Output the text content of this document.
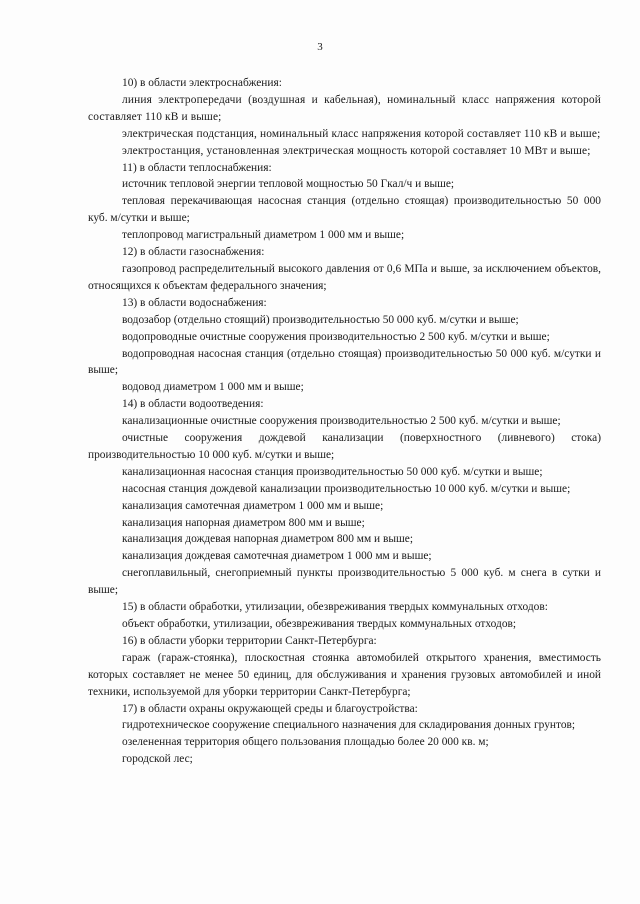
3

10) в области электроснабжения:

линия электропередачи (воздушная и кабельная), номинальный класс напряжения которой составляет 110 кВ и выше;

электрическая подстанция, номинальный класс напряжения которой составляет 110 кВ и выше;

электростанция, установленная электрическая мощность которой составляет 10 МВт и выше;

11) в области теплоснабжения:

источник тепловой энергии тепловой мощностью 50 Гкал/ч и выше;

тепловая перекачивающая насосная станция (отдельно стоящая) производительностью 50 000 куб. м/сутки и выше;

теплопровод магистральный диаметром 1 000 мм и выше;

12) в области газоснабжения:

газопровод распределительный высокого давления от 0,6 МПа и выше, за исключением объектов, относящихся к объектам федерального значения;

13) в области водоснабжения:

водозабор (отдельно стоящий) производительностью 50 000 куб. м/сутки и выше;

водопроводные очистные сооружения производительностью 2 500 куб. м/сутки и выше;

водопроводная насосная станция (отдельно стоящая) производительностью 50 000 куб. м/сутки и выше;

водовод диаметром 1 000 мм и выше;

14) в области водоотведения:

канализационные очистные сооружения производительностью 2 500 куб. м/сутки и выше;

очистные сооружения дождевой канализации (поверхностного (ливневого) стока) производительностью 10 000 куб. м/сутки и выше;

канализационная насосная станция производительностью 50 000 куб. м/сутки и выше;

насосная станция дождевой канализации производительностью 10 000 куб. м/сутки и выше;

канализация самотечная диаметром 1 000 мм и выше;

канализация напорная диаметром 800 мм и выше;

канализация дождевая напорная диаметром 800 мм и выше;

канализация дождевая самотечная диаметром 1 000 мм и выше;

снегоплавильный, снегоприемный пункты производительностью 5 000 куб. м снега в сутки и выше;

15) в области обработки, утилизации, обезвреживания твердых коммунальных отходов:

объект обработки, утилизации, обезвреживания твердых коммунальных отходов;

16) в области уборки территории Санкт-Петербурга:

гараж (гараж-стоянка), плоскостная стоянка автомобилей открытого хранения, вместимость которых составляет не менее 50 единиц, для обслуживания и хранения грузовых автомобилей и иной техники, используемой для уборки территории Санкт-Петербурга;

17) в области охраны окружающей среды и благоустройства:

гидротехническое сооружение специального назначения для складирования донных грунтов;

озелененная территория общего пользования площадью более 20 000 кв. м;

городской лес;
